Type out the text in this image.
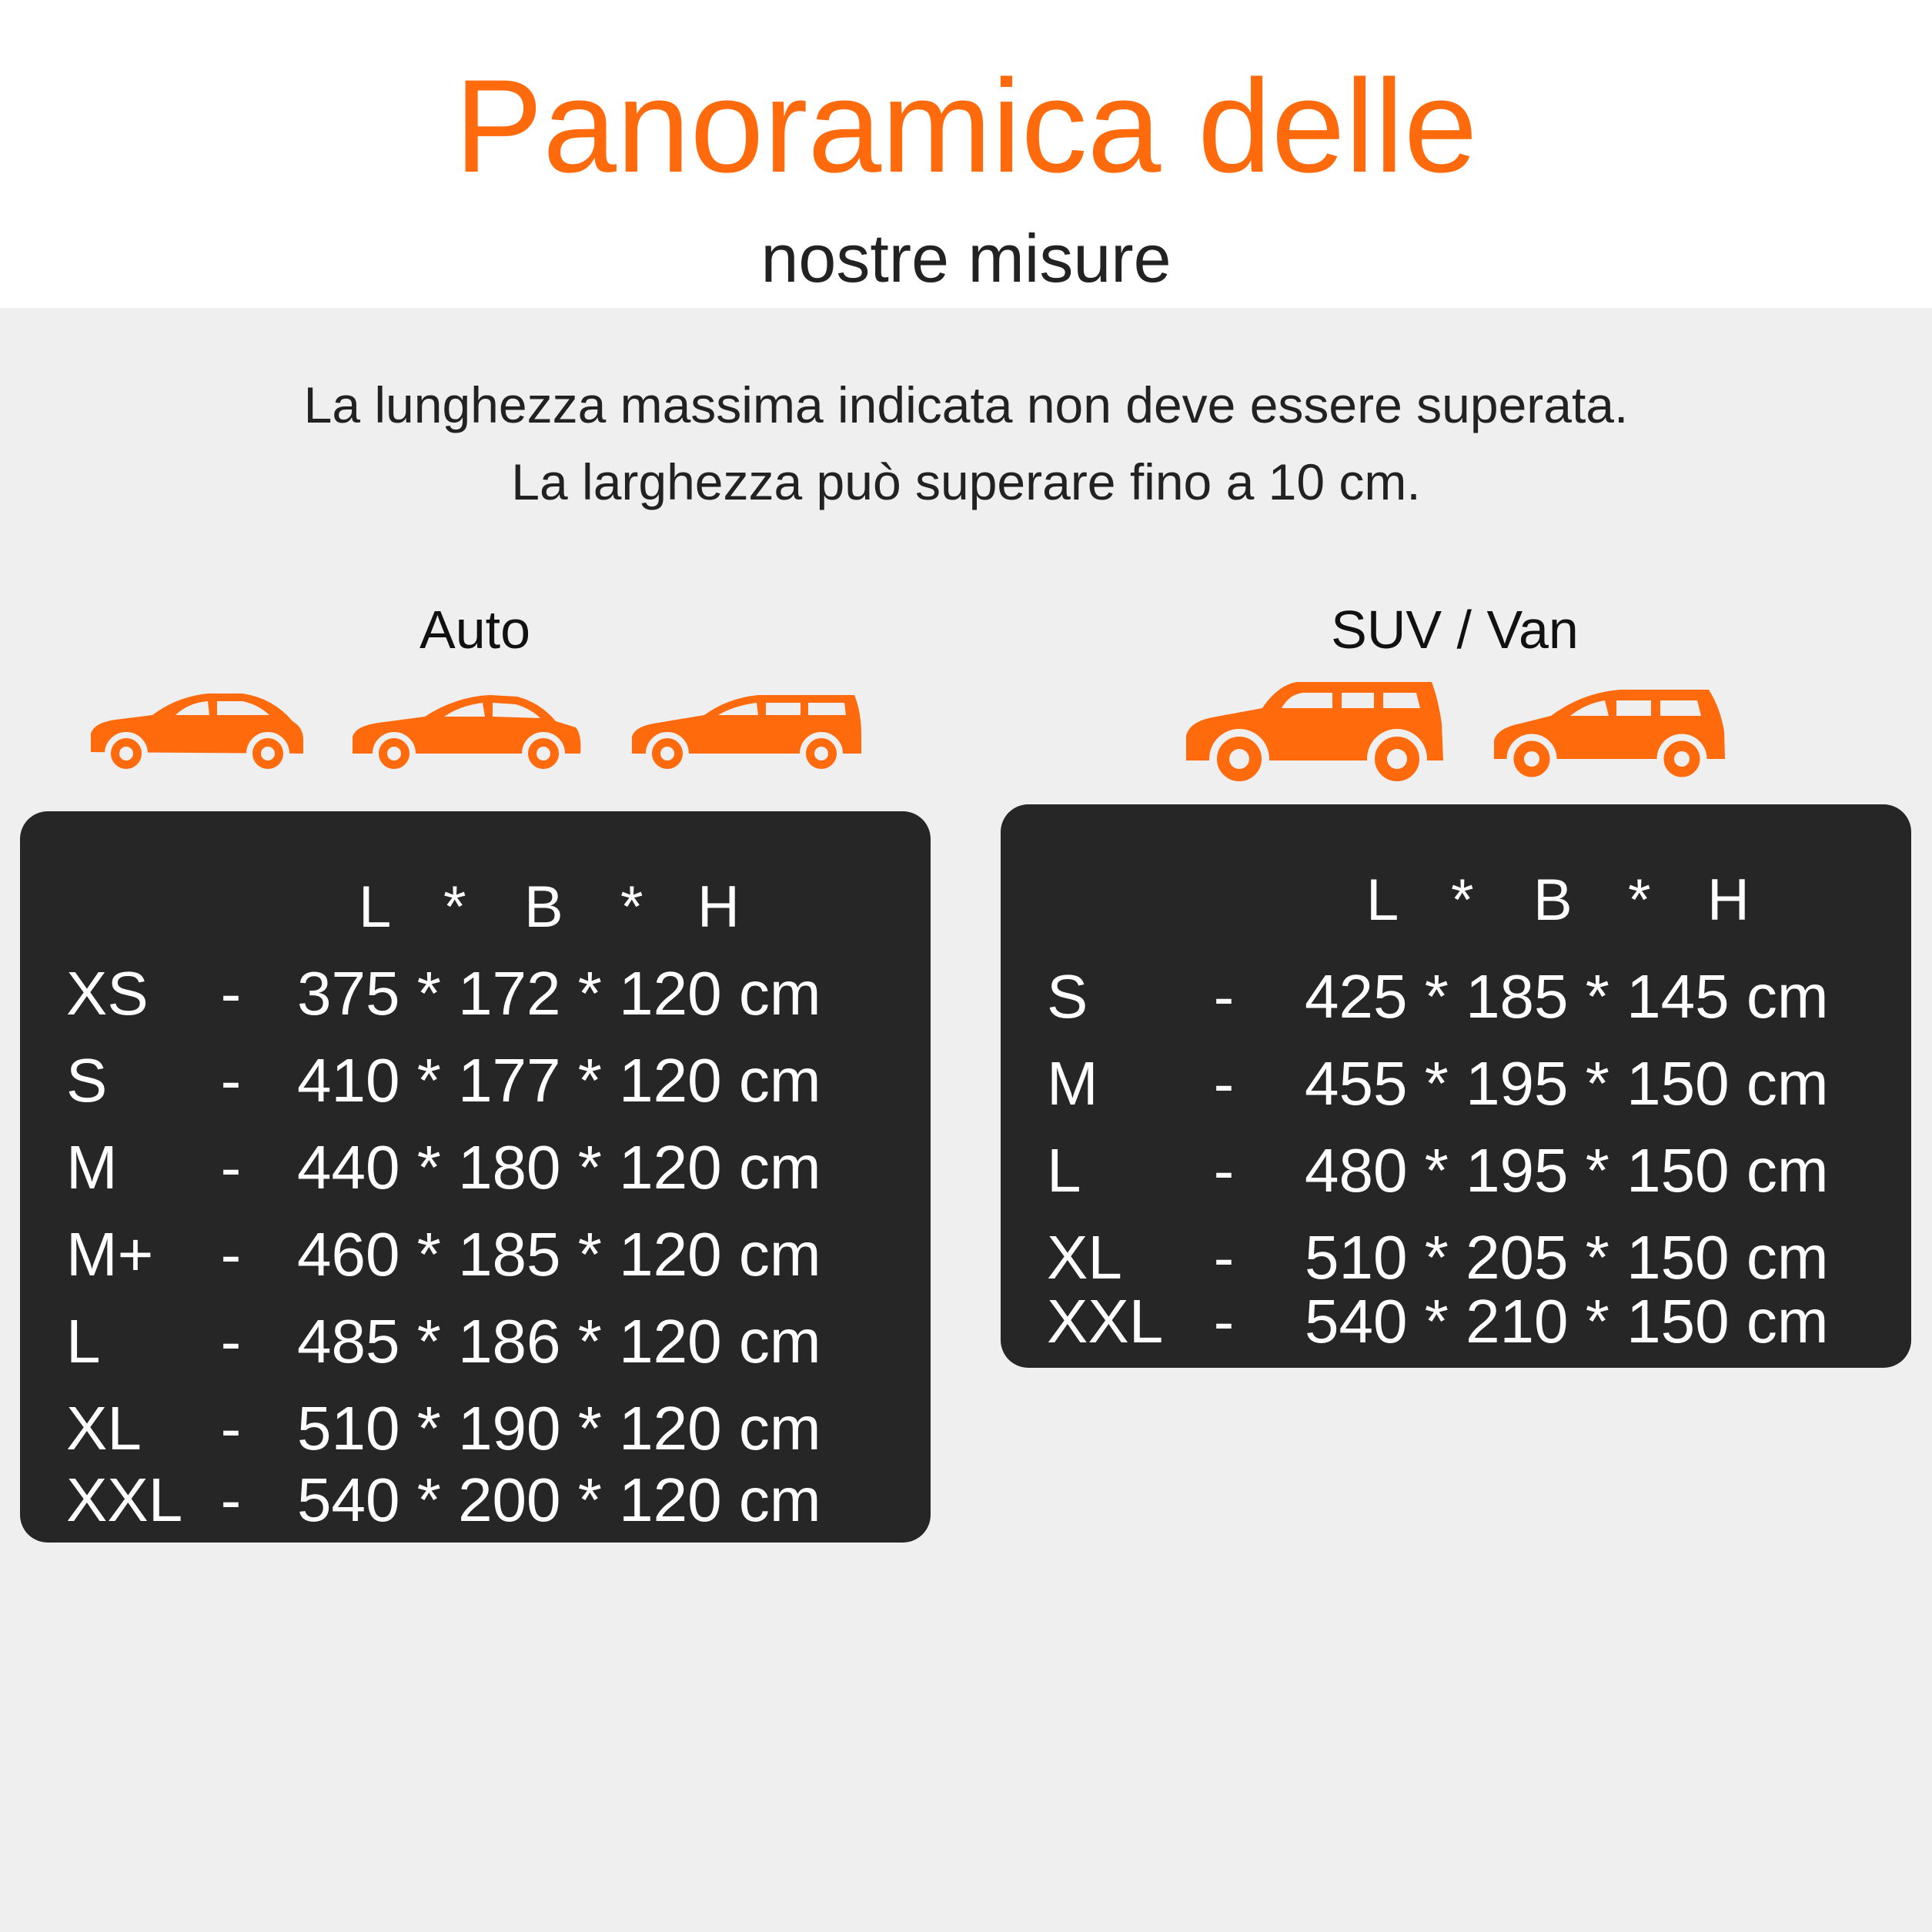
Panoramica delle
nostre misure
La lunghezza massima indicata non deve essere superata.
La larghezza può superare fino a 10 cm.
Auto	SUV / Van
L * B * H
XS - 375 * 172 * 120 cm
S - 410 * 177 * 120 cm
M - 440 * 180 * 120 cm
M+ - 460 * 185 * 120 cm
L - 485 * 186 * 120 cm
XL - 510 * 190 * 120 cm
XXL - 540 * 200 * 120 cm
L * B * H
S - 425 * 185 * 145 cm
M - 455 * 195 * 150 cm
L - 480 * 195 * 150 cm
XL - 510 * 205 * 150 cm
XXL - 540 * 210 * 150 cm
